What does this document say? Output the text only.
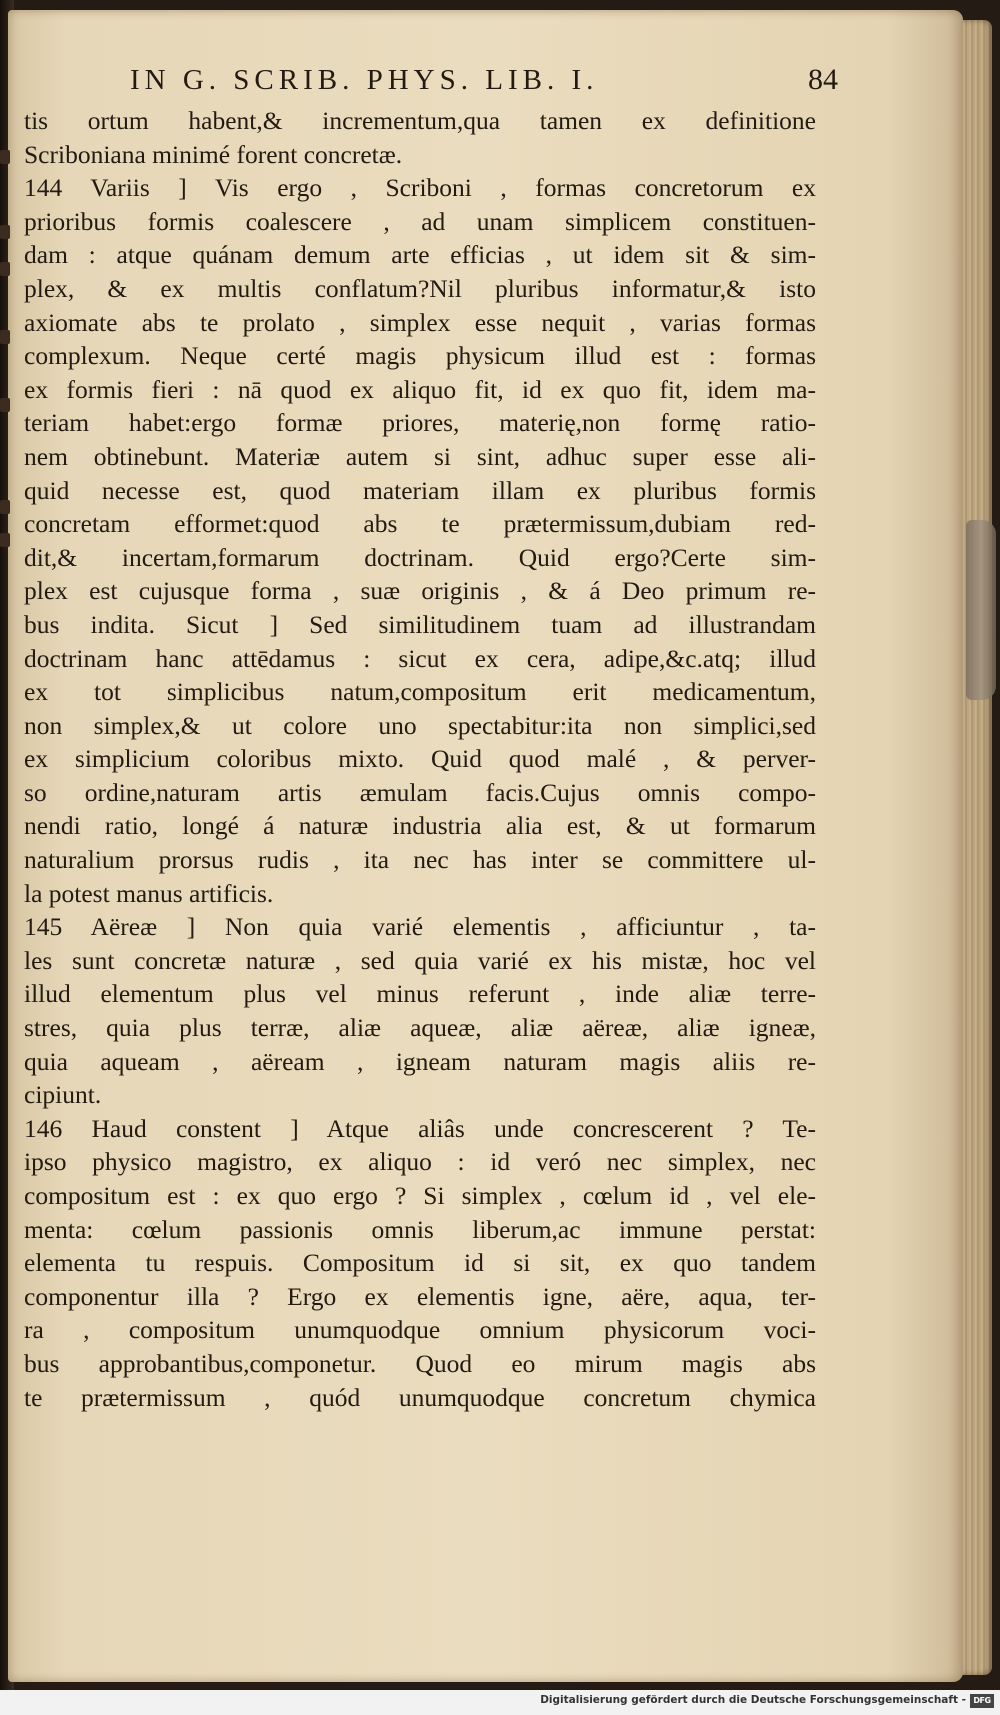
IN G. SCRIB. PHYS. LIB. I.	84
tis ortum habent,& incrementum,qua tamen ex definitione
Scriboniana minimé forent concretæ.
144 Variis ] Vis ergo , Scriboni , formas concretorum ex
prioribus formis coalescere , ad unam simplicem constituen-
dam : atque quánam demum arte efficias , ut idem sit & sim-
plex, & ex multis conflatum?Nil pluribus informatur,& isto
axiomate abs te prolato , simplex esse nequit , varias formas
complexum. Neque certé magis physicum illud est : formas
ex formis fieri : nā quod ex aliquo fit, id ex quo fit, idem ma-
teriam habet:ergo formæ priores, materię,non formę ratio-
nem obtinebunt. Materiæ autem si sint, adhuc super esse ali-
quid necesse est, quod materiam illam ex pluribus formis
concretam efformet:quod abs te prætermissum,dubiam red-
dit,& incertam,formarum doctrinam. Quid ergo?Certe sim-
plex est cujusque forma , suæ originis , & á Deo primum re-
bus indita. Sicut ] Sed similitudinem tuam ad illustrandam
doctrinam hanc attēdamus : sicut ex cera, adipe,&c.atq; illud
ex tot simplicibus natum,compositum erit medicamentum,
non simplex,& ut colore uno spectabitur:ita non simplici,sed
ex simplicium coloribus mixto. Quid quod malé , & perver-
so ordine,naturam artis æmulam facis.Cujus omnis compo-
nendi ratio, longé á naturæ industria alia est, & ut formarum
naturalium prorsus rudis , ita nec has inter se committere ul-
la potest manus artificis.
145 Aëreæ ] Non quia varié elementis , afficiuntur , ta-
les sunt concretæ naturæ , sed quia varié ex his mistæ, hoc vel
illud elementum plus vel minus referunt , inde aliæ terre-
stres, quia plus terræ, aliæ aqueæ, aliæ aëreæ, aliæ igneæ,
quia aqueam , aëream , igneam naturam magis aliis re-
cipiunt.
146 Haud constent ] Atque aliâs unde concrescerent ? Te-
ipso physico magistro, ex aliquo : id veró nec simplex, nec
compositum est : ex quo ergo ? Si simplex , cœlum id , vel ele-
menta: cœlum passionis omnis liberum,ac immune perstat:
elementa tu respuis. Compositum id si sit, ex quo tandem
componentur illa ? Ergo ex elementis igne, aëre, aqua, ter-
ra , compositum unumquodque omnium physicorum voci-
bus approbantibus,componetur. Quod eo mirum magis abs
te prætermissum , quód unumquodque concretum chymica
Digitalisierung gefördert durch die Deutsche Forschungsgemeinschaft - DFG
